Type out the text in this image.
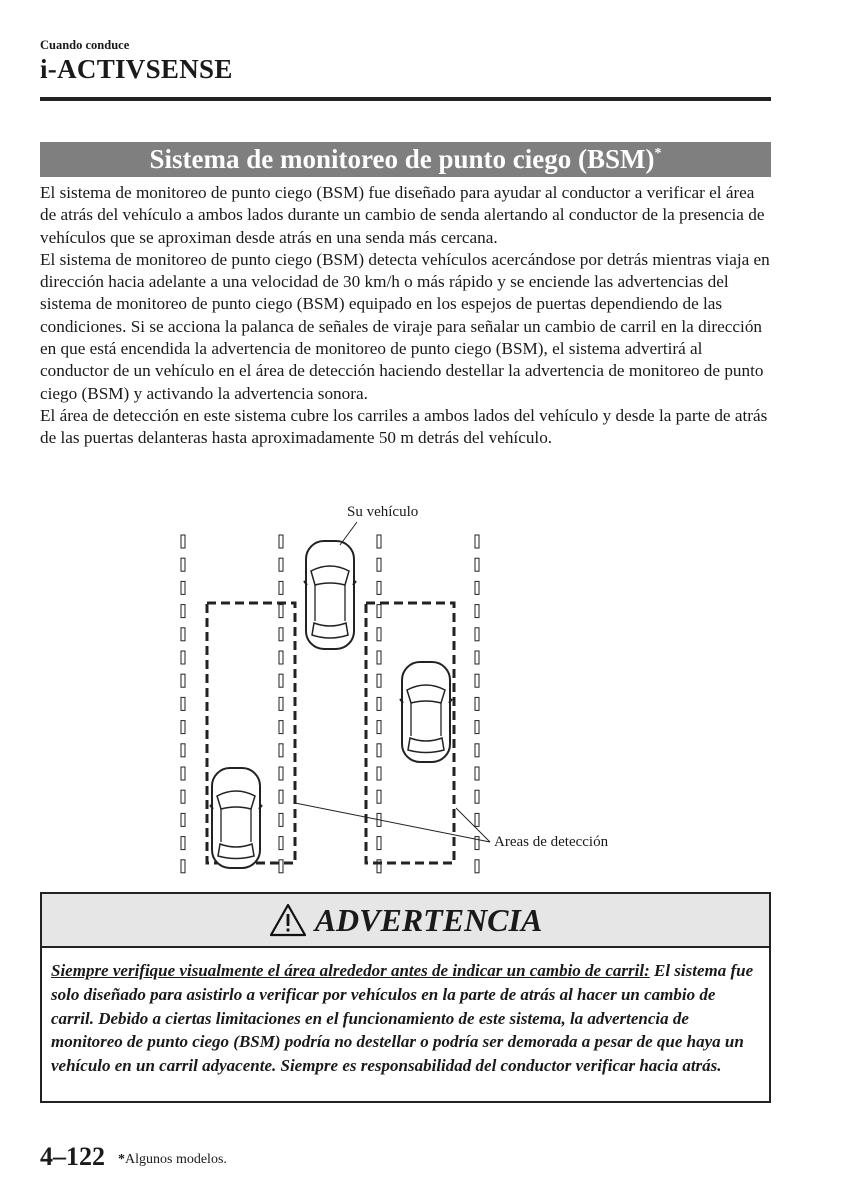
Cuando conduce
i-ACTIVSENSE
Sistema de monitoreo de punto ciego (BSM)*

El sistema de monitoreo de punto ciego (BSM) fue diseñado para ayudar al conductor a verificar el área de atrás del vehículo a ambos lados durante un cambio de senda alertando al conductor de la presencia de vehículos que se aproximan desde atrás en una senda más cercana.

El sistema de monitoreo de punto ciego (BSM) detecta vehículos acercándose por detrás mientras viaja en dirección hacia adelante a una velocidad de 30 km/h o más rápido y se enciende las advertencias del sistema de monitoreo de punto ciego (BSM) equipado en los espejos de puertas dependiendo de las condiciones. Si se acciona la palanca de señales de viraje para señalar un cambio de carril en la dirección en que está encendida la advertencia de monitoreo de punto ciego (BSM), el sistema advertirá al conductor de un vehículo en el área de detección haciendo destellar la advertencia de monitoreo de punto ciego (BSM) y activando la advertencia sonora.

El área de detección en este sistema cubre los carriles a ambos lados del vehículo y desde la parte de atrás de las puertas delanteras hasta aproximadamente 50 m detrás del vehículo.

Su vehículo
Areas de detección
ADVERTENCIA
Siempre verifique visualmente el área alrededor antes de indicar un cambio de carril: El sistema fue solo diseñado para asistirlo a verificar por vehículos en la parte de atrás al hacer un cambio de carril. Debido a ciertas limitaciones en el funcionamiento de este sistema, la advertencia de monitoreo de punto ciego (BSM) podría no destellar o podría ser demorada a pesar de que haya un vehículo en un carril adyacente. Siempre es responsabilidad del conductor verificar hacia atrás.
4–122 *Algunos modelos.
